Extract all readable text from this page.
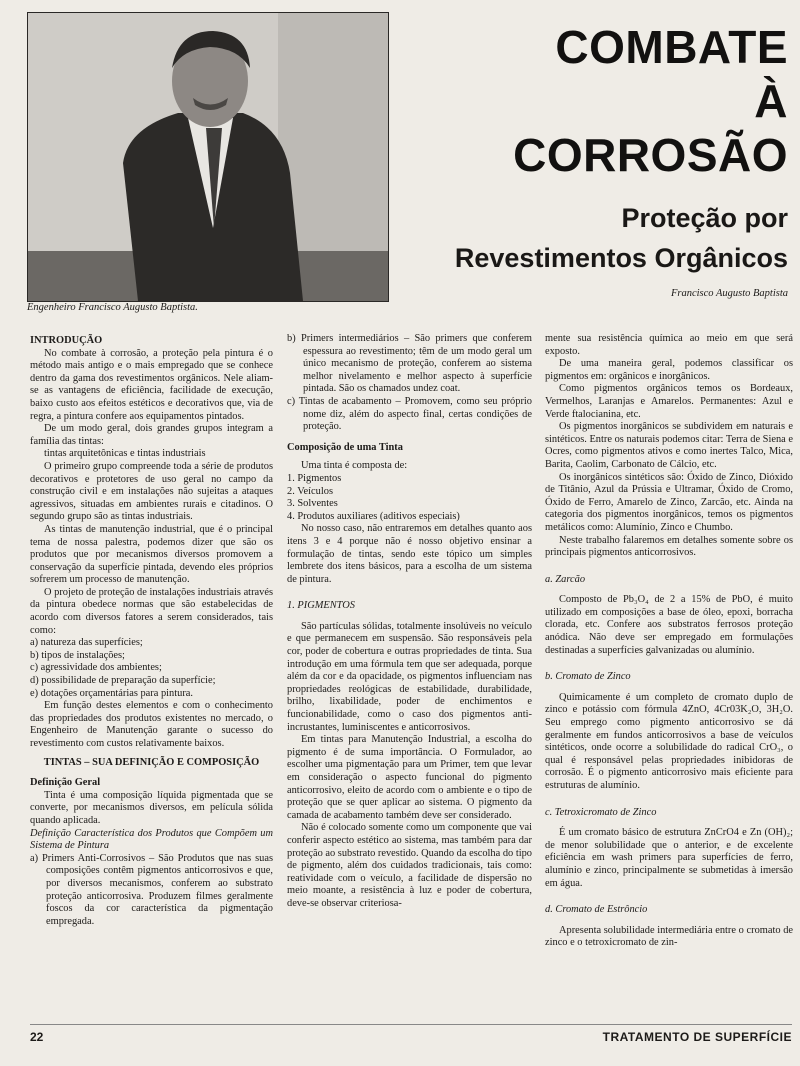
Engenheiro Francisco Augusto Baptista.
COMBATE
À
CORROSÃO
Proteção por
Revestimentos Orgânicos
Francisco Augusto Baptista

INTRODUÇÃO

No combate à corrosão, a proteção pela pintura é o método mais antigo e o mais empregado que se conhece dentro da gama dos revestimentos orgânicos. Nele aliam-se as vantagens de eficiência, facilidade de execução, baixo custo aos efeitos estéticos e decorativos que, via de regra, a pintura confere aos equipamentos pintados.

De um modo geral, dois grandes grupos integram a família das tintas:

tintas arquitetônicas e tintas industriais

O primeiro grupo compreende toda a série de produtos decorativos e protetores de uso geral no campo da construção civil e em instalações não sujeitas a ataques agressivos, situadas em ambientes rurais e citadinos. O segundo grupo são as tintas industriais.

As tintas de manutenção industrial, que é o principal tema de nossa palestra, podemos dizer que são os produtos que por mecanismos diversos promovem a conservação da superfície pintada, devendo eles próprios sofrerem um processo de manutenção.

O projeto de proteção de instalações industriais através da pintura obedece normas que são estabelecidas de acordo com diversos fatores a serem considerados, tais como:

a) natureza das superfícies;

b) tipos de instalações;

c) agressividade dos ambientes;

d) possibilidade de preparação da superfície;

e) dotações orçamentárias para pintura.

Em função destes elementos e com o conhecimento das propriedades dos produtos existentes no mercado, o Engenheiro de Manutenção garante o sucesso do revestimento com custos relativamente baixos.

TINTAS – SUA DEFINIÇÃO E COMPOSIÇÃO

Definição Geral

Tinta é uma composição líquida pigmentada que se converte, por mecanismos diversos, em película sólida quando aplicada.

Definição Característica dos Produtos que Compõem um Sistema de Pintura

a) Primers Anti-Corrosivos – São Produtos que nas suas composições contêm pigmentos anticorrosivos e que, por diversos mecanismos, conferem ao substrato proteção anticorrosiva. Produzem filmes geralmente foscos da cor característica da pigmentação empregada.

b) Primers intermediários – São primers que conferem espessura ao revestimento; têm de um modo geral um único mecanismo de proteção, conferem ao sistema melhor nivelamento e melhor aspecto à superfície pintada. São os chamados undez coat.

c) Tintas de acabamento – Promovem, como seu próprio nome diz, além do aspecto final, certas condições de proteção.

Composição de uma Tinta

Uma tinta é composta de:

1. Pigmentos

2. Veículos

3. Solventes

4. Produtos auxiliares (aditivos especiais)

No nosso caso, não entraremos em detalhes quanto aos itens 3 e 4 porque não é nosso objetivo ensinar a formulação de tintas, sendo este tópico um simples lembrete dos itens básicos, para a escolha de um sistema de pintura.

1. PIGMENTOS

São partículas sólidas, totalmente insolúveis no veículo e que permanecem em suspensão. São responsáveis pela cor, poder de cobertura e outras propriedades de tinta. Sua introdução em uma fórmula tem que ser adequada, porque além da cor e da opacidade, os pigmentos influenciam nas propriedades reológicas de estabilidade, durabilidade, brilho, lixabilidade, poder de enchimentos e funcionabilidade, como o caso dos pigmentos anti-incrustantes, luminiscentes e anticorrosivos.

Em tintas para Manutenção Industrial, a escolha do pigmento é de suma importância. O Formulador, ao escolher uma pigmentação para um Primer, tem que levar em consideração o aspecto funcional do pigmento anticorrosivo, eleito de acordo com o ambiente e o tipo de proteção que se quer aplicar ao sistema. O pigmento da camada de acabamento também deve ser considerado.

Não é colocado somente como um componente que vai conferir aspecto estético ao sistema, mas também para dar proteção ao substrato revestido. Quando da escolha do tipo de pigmento, além dos cuidados tradicionais, tais como: reatividade com o veículo, a facilidade de dispersão no meio moante, a resistência à luz e poder de cobertura, deve-se observar criteriosa-

mente sua resistência química ao meio em que será exposto.

De uma maneira geral, podemos classificar os pigmentos em: orgânicos e inorgânicos.

Como pigmentos orgânicos temos os Bordeaux, Vermelhos, Laranjas e Amarelos. Permanentes: Azul e Verde ftalocianina, etc.

Os pigmentos inorgânicos se subdividem em naturais e sintéticos. Entre os naturais podemos citar: Terra de Siena e Ocres, como pigmentos ativos e como inertes Talco, Mica, Barita, Caolim, Carbonato de Cálcio, etc.

Os inorgânicos sintéticos são: Óxido de Zinco, Dióxido de Titânio, Azul da Prússia e Ultramar, Óxido de Cromo, Óxido de Ferro, Amarelo de Zinco, Zarcão, etc. Ainda na categoria dos pigmentos inorgânicos, temos os pigmentos metálicos como: Alumínio, Zinco e Chumbo.

Neste trabalho falaremos em detalhes somente sobre os principais pigmentos anticorrosivos.

a. Zarcão

Composto de Pb₃O₄ de 2 a 15% de PbO, é muito utilizado em composições a base de óleo, epoxi, borracha clorada, etc. Confere aos substratos ferrosos proteção anódica. Não deve ser empregado em formulações destinadas a superfícies galvanizadas ou alumínio.

b. Cromato de Zinco

Quimicamente é um completo de cromato duplo de zinco e potássio com fórmula 4ZnO, 4Cr03K₂O, 3H₂O. Seu emprego como pigmento anticorrosivo se dá geralmente em fundos anticorrosivos a base de veículos sintéticos, onde ocorre a solubilidade do radical CrO₃, o qual é responsável pelas propriedades inibidoras de corrosão. É o pigmento anticorrosivo mais eficiente para estruturas de alumínio.

c. Tetroxicromato de Zinco

É um cromato básico de estrutura ZnCrO4 e Zn (OH)₂; de menor solubilidade que o anterior, e de excelente eficiência em wash primers para superfícies de ferro, alumínio e zinco, principalmente se submetidas à imersão em água.

d. Cromato de Estrôncio

Apresenta solubilidade intermediária entre o cromato de zinco e o tetroxicromato de zin-

22	TRATAMENTO DE SUPERFÍCIE
